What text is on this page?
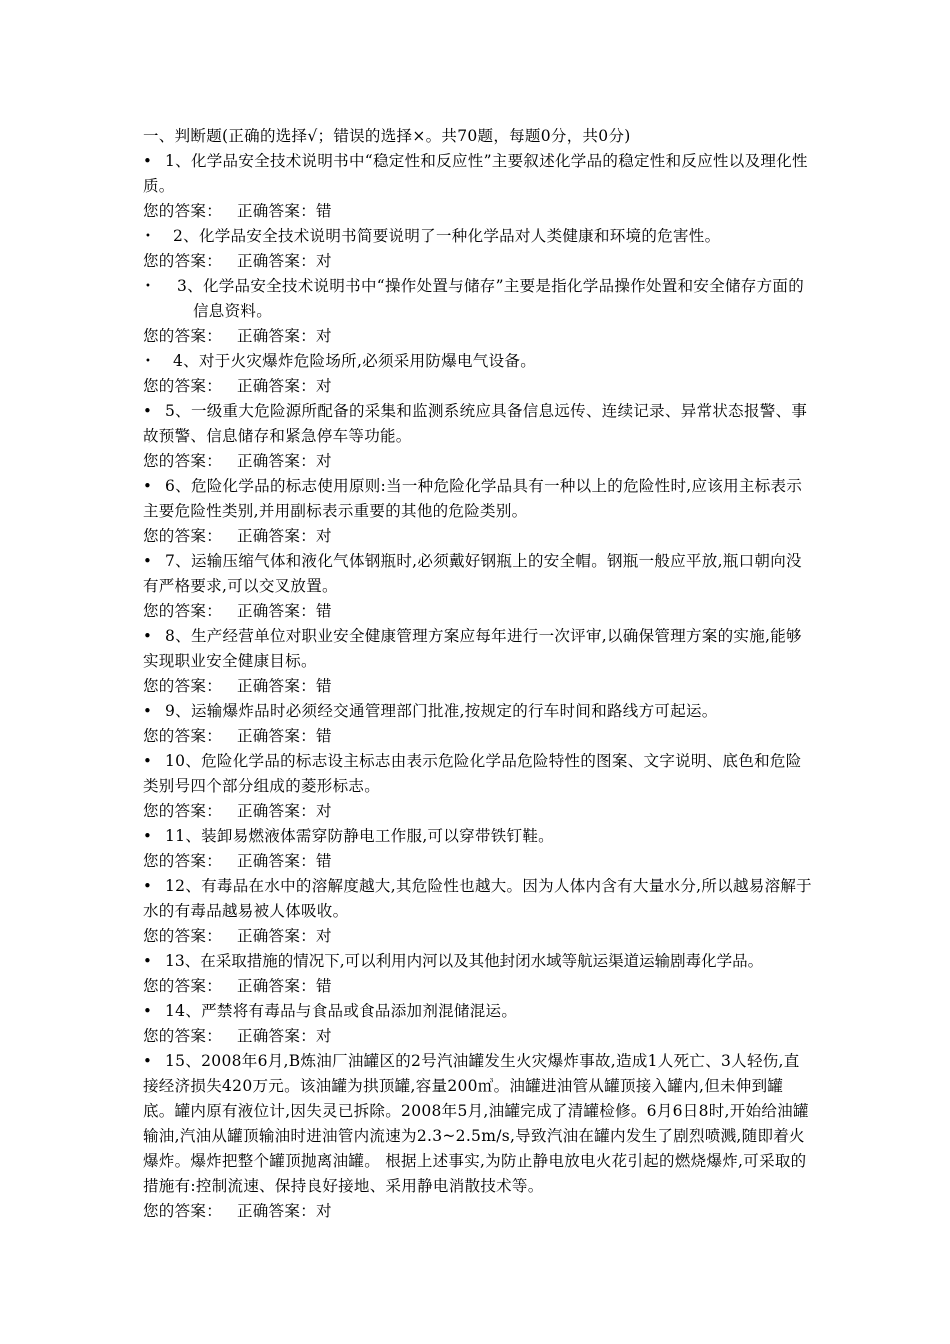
一、判断题(正确的选择√；错误的选择×。共70题，每题0分，共0分)

• 1、化学品安全技术说明书中“稳定性和反应性”主要叙述化学品的稳定性和反应性以及理化性质。

您的答案： 正确答案：错

•	2、化学品安全技术说明书简要说明了一种化学品对人类健康和环境的危害性。

您的答案： 正确答案：对

•	3、化学品安全技术说明书中“操作处置与储存”主要是指化学品操作处置和安全储存方面的信息资料。

您的答案： 正确答案：对

•	4、对于火灾爆炸危险场所,必须采用防爆电气设备。

您的答案： 正确答案：对

• 5、一级重大危险源所配备的采集和监测系统应具备信息远传、连续记录、异常状态报警、事故预警、信息储存和紧急停车等功能。

您的答案： 正确答案：对

• 6、危险化学品的标志使用原则:当一种危险化学品具有一种以上的危险性时,应该用主标表示主要危险性类别,并用副标表示重要的其他的危险类别。

您的答案： 正确答案：对

• 7、运输压缩气体和液化气体钢瓶时,必须戴好钢瓶上的安全帽。钢瓶一般应平放,瓶口朝向没有严格要求,可以交叉放置。

您的答案： 正确答案：错

• 8、生产经营单位对职业安全健康管理方案应每年进行一次评审,以确保管理方案的实施,能够实现职业安全健康目标。

您的答案： 正确答案：错

• 9、运输爆炸品时必须经交通管理部门批准,按规定的行车时间和路线方可起运。

您的答案： 正确答案：错

• 10、危险化学品的标志设主标志由表示危险化学品危险特性的图案、文字说明、底色和危险类别号四个部分组成的菱形标志。

您的答案： 正确答案：对

• 11、装卸易燃液体需穿防静电工作服,可以穿带铁钉鞋。

您的答案： 正确答案：错

• 12、有毒品在水中的溶解度越大,其危险性也越大。因为人体内含有大量水分,所以越易溶解于水的有毒品越易被人体吸收。

您的答案： 正确答案：对

• 13、在采取措施的情况下,可以利用内河以及其他封闭水域等航运渠道运输剧毒化学品。

您的答案： 正确答案：错

• 14、严禁将有毒品与食品或食品添加剂混储混运。

您的答案： 正确答案：对

• 15、2008年6月,B炼油厂油罐区的2号汽油罐发生火灾爆炸事故,造成1人死亡、3人轻伤,直接经济损失420万元。该油罐为拱顶罐,容量200㎥。油罐进油管从罐顶接入罐内,但未伸到罐底。罐内原有液位计,因失灵已拆除。2008年5月,油罐完成了清罐检修。6月6日8时,开始给油罐输油,汽油从罐顶输油时进油管内流速为2.3~2.5m/s,导致汽油在罐内发生了剧烈喷溅,随即着火爆炸。爆炸把整个罐顶抛离油罐。 根据上述事实,为防止静电放电火花引起的燃烧爆炸,可采取的措施有:控制流速、保持良好接地、采用静电消散技术等。

您的答案： 正确答案：对
